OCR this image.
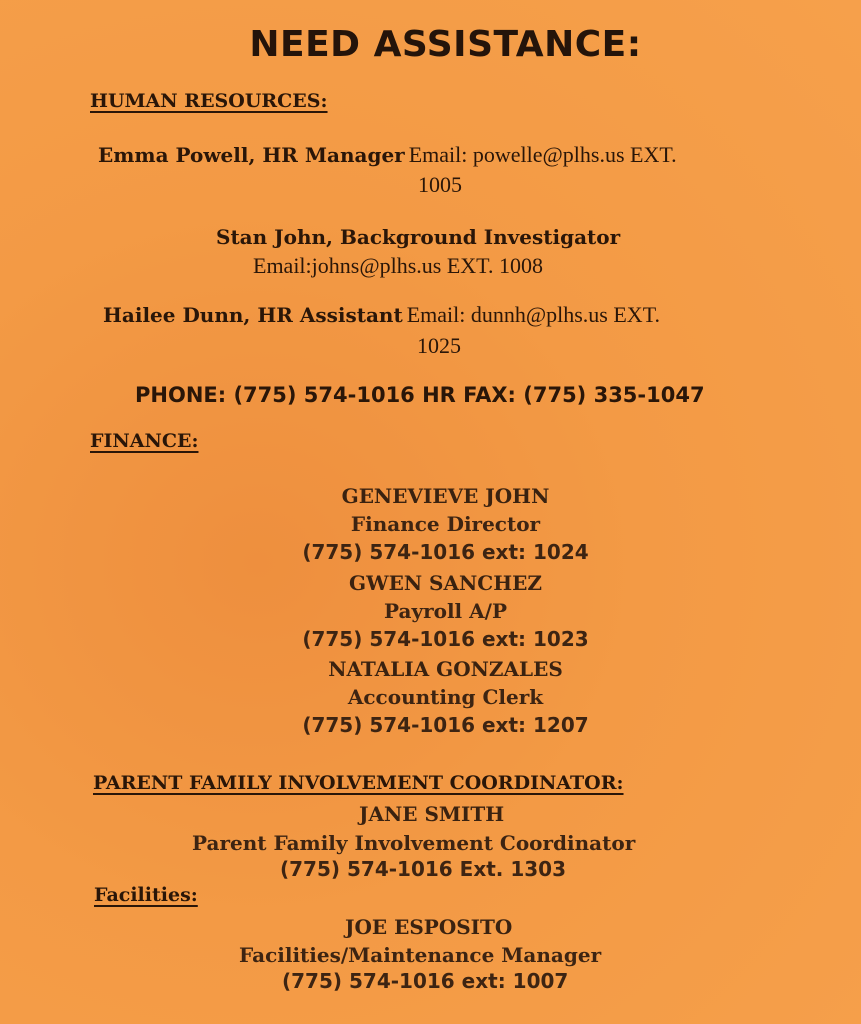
NEED ASSISTANCE:
HUMAN RESOURCES:
Emma Powell, HR Manager Email: powelle@plhs.us EXT.
1005
Stan John, Background Investigator
Email:johns@plhs.us EXT. 1008
Hailee Dunn, HR Assistant Email: dunnh@plhs.us EXT.
1025
PHONE: (775) 574-1016 HR FAX: (775) 335-1047
FINANCE:
GENEVIEVE JOHN
Finance Director
(775) 574-1016 ext: 1024
GWEN SANCHEZ
Payroll A/P
(775) 574-1016 ext: 1023
NATALIA GONZALES
Accounting Clerk
(775) 574-1016 ext: 1207
PARENT FAMILY INVOLVEMENT COORDINATOR:
JANE SMITH
Parent Family Involvement Coordinator
(775) 574-1016 Ext. 1303
Facilities:
JOE ESPOSITO
Facilities/Maintenance Manager
(775) 574-1016 ext: 1007
